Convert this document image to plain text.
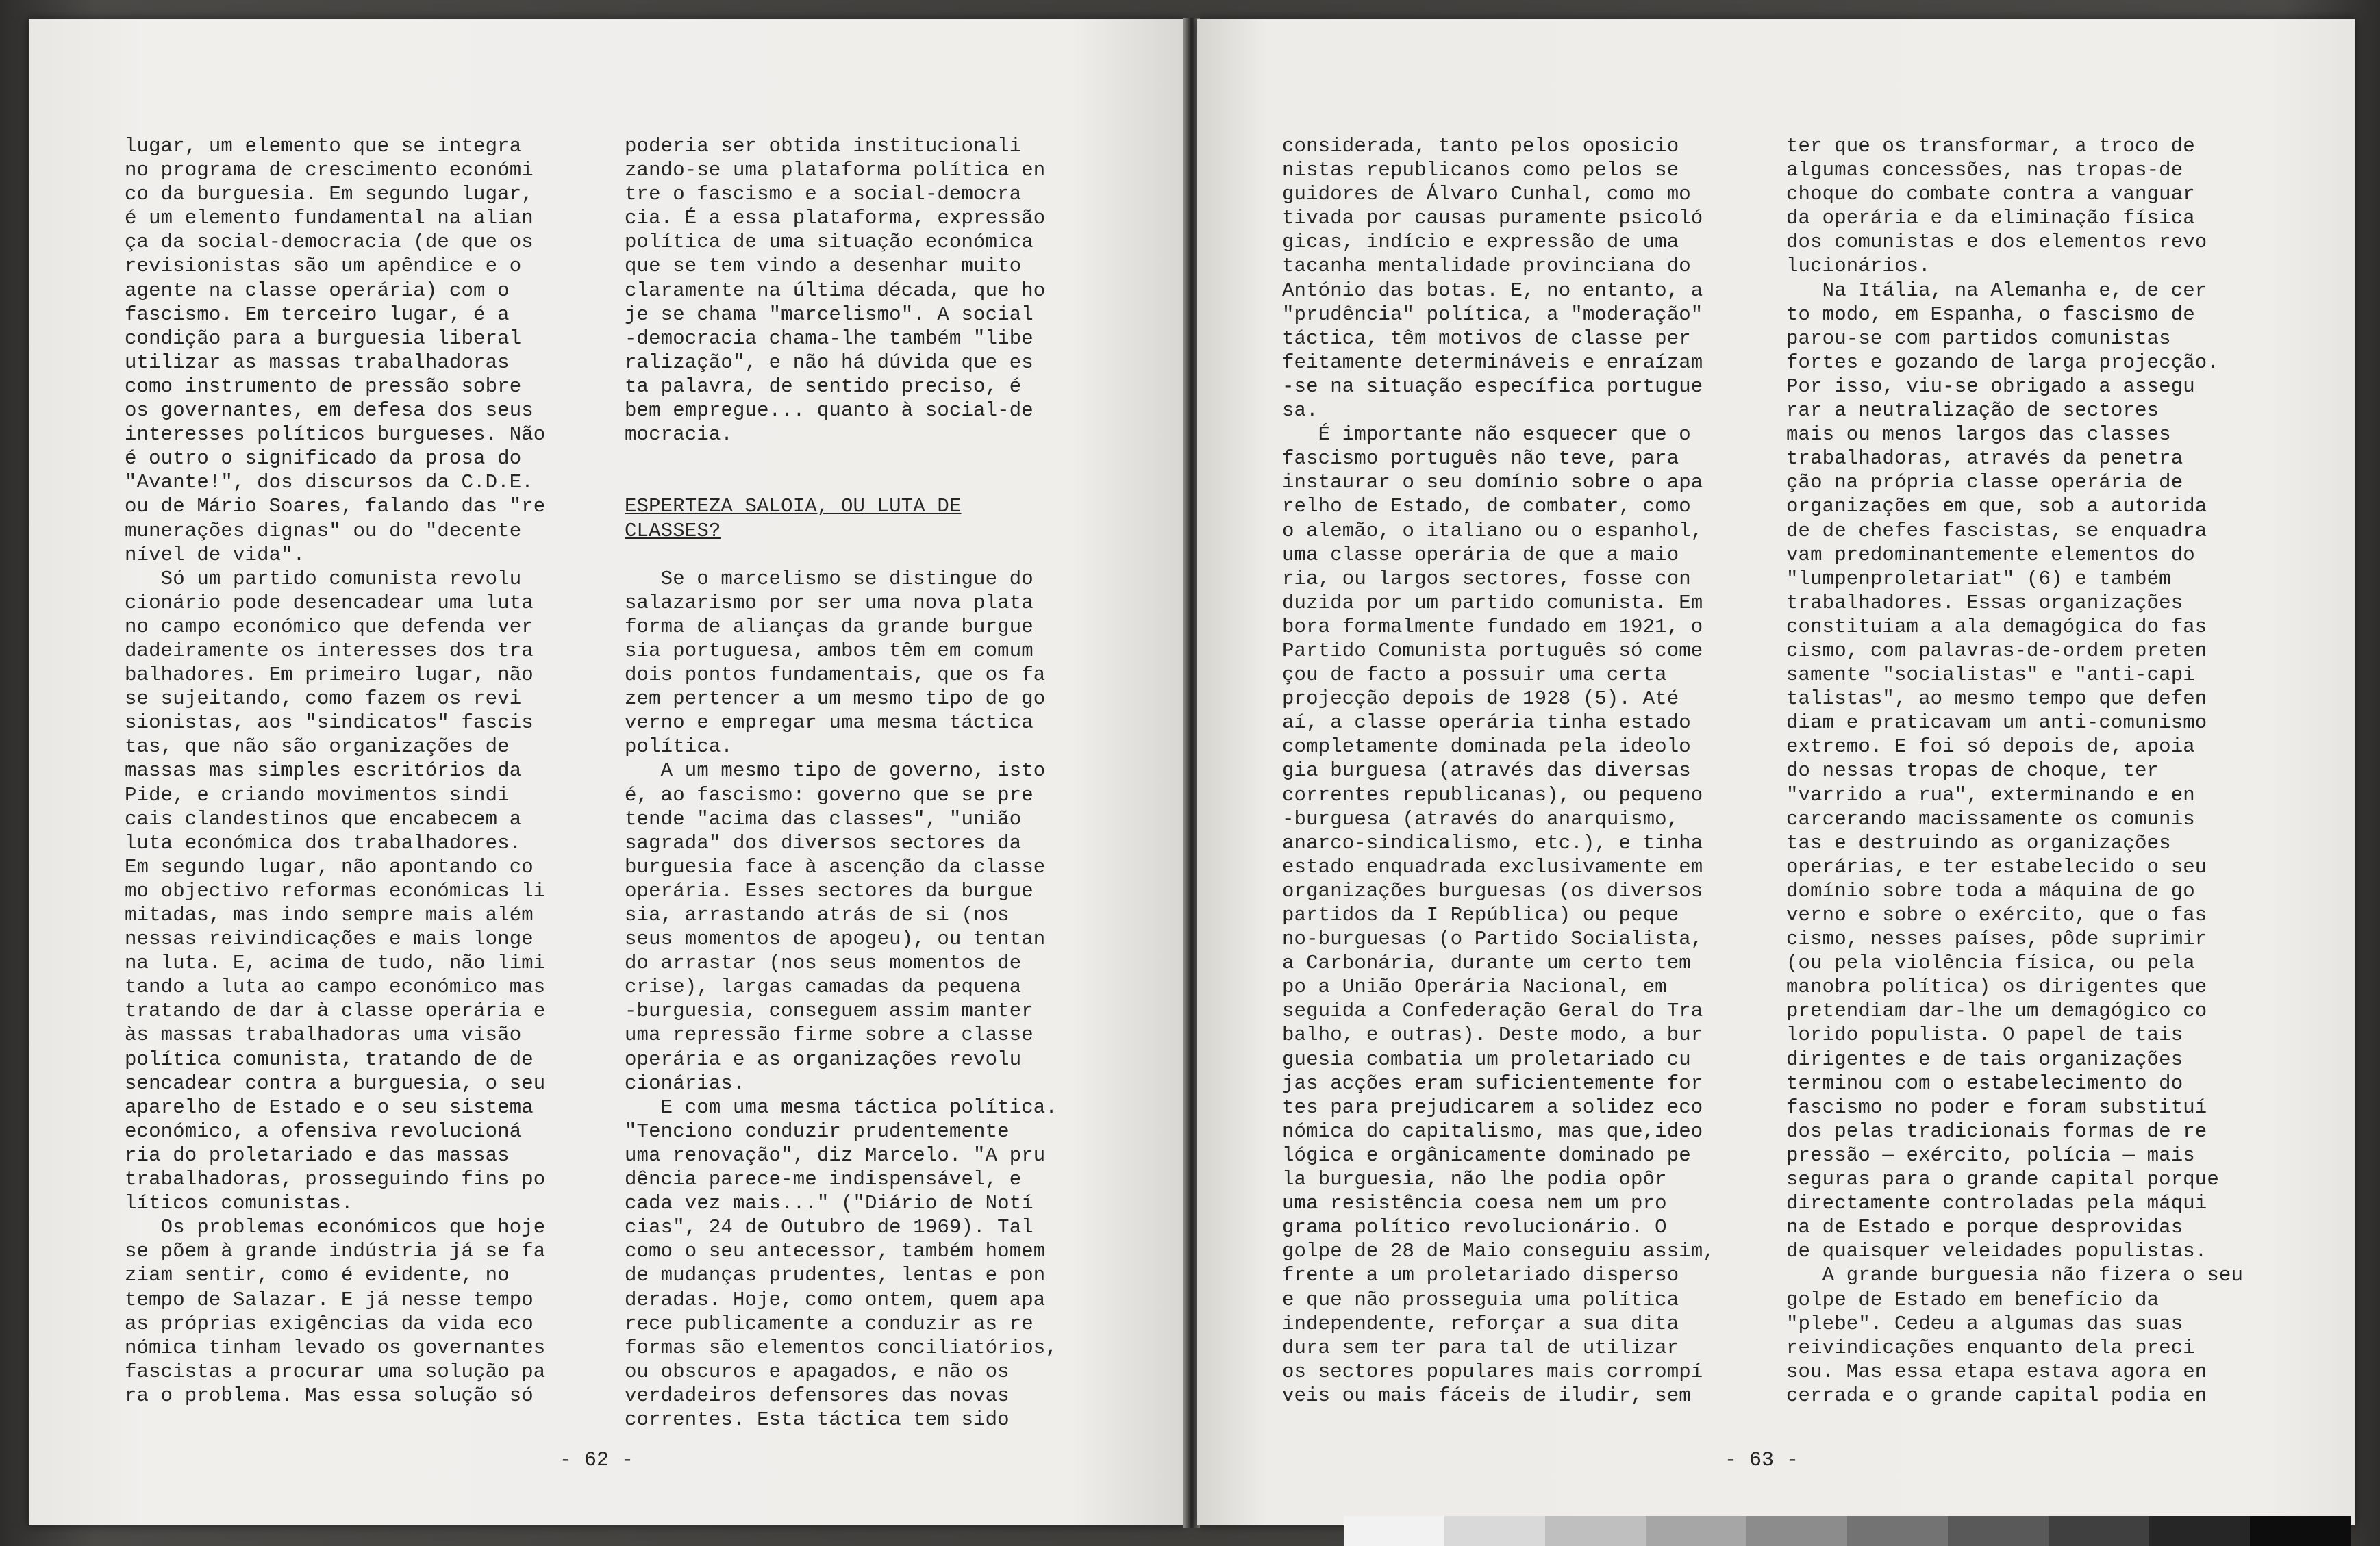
lugar, um elemento que se integra
no programa de crescimento económi
co da burguesia. Em segundo lugar,
é um elemento fundamental na alian
ça da social-democracia (de que os
revisionistas são um apêndice e o
agente na classe operária) com o
fascismo. Em terceiro lugar, é a
condição para a burguesia liberal
utilizar as massas trabalhadoras
como instrumento de pressão sobre
os governantes, em defesa dos seus
interesses políticos burgueses. Não
é outro o significado da prosa do
"Avante!", dos discursos da C.D.E.
ou de Mário Soares, falando das "re
munerações dignas" ou do "decente
nível de vida".
Só um partido comunista revolu
cionário pode desencadear uma luta
no campo económico que defenda ver
dadeiramente os interesses dos tra
balhadores. Em primeiro lugar, não
se sujeitando, como fazem os revi
sionistas, aos "sindicatos" fascis
tas, que não são organizações de
massas mas simples escritórios da
Pide, e criando movimentos sindi
cais clandestinos que encabecem a
luta económica dos trabalhadores.
Em segundo lugar, não apontando co
mo objectivo reformas económicas li
mitadas, mas indo sempre mais além
nessas reivindicações e mais longe
na luta. E, acima de tudo, não limi
tando a luta ao campo económico mas
tratando de dar à classe operária e
às massas trabalhadoras uma visão
política comunista, tratando de de
sencadear contra a burguesia, o seu
aparelho de Estado e o seu sistema
económico, a ofensiva revolucioná
ria do proletariado e das massas
trabalhadoras, prosseguindo fins po
líticos comunistas.
Os problemas económicos que hoje
se põem à grande indústria já se fa
ziam sentir, como é evidente, no
tempo de Salazar. E já nesse tempo
as próprias exigências da vida eco
nómica tinham levado os governantes
fascistas a procurar uma solução pa
ra o problema. Mas essa solução só
poderia ser obtida institucionali
zando-se uma plataforma política en
tre o fascismo e a social-democra
cia. É a essa plataforma, expressão
política de uma situação económica
que se tem vindo a desenhar muito
claramente na última década, que ho
je se chama "marcelismo". A social
-democracia chama-lhe também "libe
ralização", e não há dúvida que es
ta palavra, de sentido preciso, é
bem empregue... quanto à social-de
mocracia.

ESPERTEZA SALOIA, OU LUTA DE
CLASSES?

Se o marcelismo se distingue do
salazarismo por ser uma nova plata
forma de alianças da grande burgue
sia portuguesa, ambos têm em comum
dois pontos fundamentais, que os fa
zem pertencer a um mesmo tipo de go
verno e empregar uma mesma táctica
política.
A um mesmo tipo de governo, isto
é, ao fascismo: governo que se pre
tende "acima das classes", "união
sagrada" dos diversos sectores da
burguesia face à ascenção da classe
operária. Esses sectores da burgue
sia, arrastando atrás de si (nos
seus momentos de apogeu), ou tentan
do arrastar (nos seus momentos de
crise), largas camadas da pequena
-burguesia, conseguem assim manter
uma repressão firme sobre a classe
operária e as organizações revolu
cionárias.
E com uma mesma táctica política.
"Tenciono conduzir prudentemente
uma renovação", diz Marcelo. "A pru
dência parece-me indispensável, e
cada vez mais..." ("Diário de Notí
cias", 24 de Outubro de 1969). Tal
como o seu antecessor, também homem
de mudanças prudentes, lentas e pon
deradas. Hoje, como ontem, quem apa
rece publicamente a conduzir as re
formas são elementos conciliatórios,
ou obscuros e apagados, e não os
verdadeiros defensores das novas
correntes. Esta táctica tem sido
- 62 -
considerada, tanto pelos oposicio
nistas republicanos como pelos se
guidores de Álvaro Cunhal, como mo
tivada por causas puramente psicoló
gicas, indício e expressão de uma
tacanha mentalidade provinciana do
António das botas. E, no entanto, a
"prudência" política, a "moderação"
táctica, têm motivos de classe per
feitamente determináveis e enraízam
-se na situação específica portugue
sa.
É importante não esquecer que o
fascismo português não teve, para
instaurar o seu domínio sobre o apa
relho de Estado, de combater, como
o alemão, o italiano ou o espanhol,
uma classe operária de que a maio
ria, ou largos sectores, fosse con
duzida por um partido comunista. Em
bora formalmente fundado em 1921, o
Partido Comunista português só come
çou de facto a possuir uma certa
projecção depois de 1928 (5). Até
aí, a classe operária tinha estado
completamente dominada pela ideolo
gia burguesa (através das diversas
correntes republicanas), ou pequeno
-burguesa (através do anarquismo,
anarco-sindicalismo, etc.), e tinha
estado enquadrada exclusivamente em
organizações burguesas (os diversos
partidos da I República) ou peque
no-burguesas (o Partido Socialista,
a Carbonária, durante um certo tem
po a União Operária Nacional, em
seguida a Confederação Geral do Tra
balho, e outras). Deste modo, a bur
guesia combatia um proletariado cu
jas acções eram suficientemente for
tes para prejudicarem a solidez eco
nómica do capitalismo, mas que,ideo
lógica e orgânicamente dominado pe
la burguesia, não lhe podia opôr
uma resistência coesa nem um pro
grama político revolucionário. O
golpe de 28 de Maio conseguiu assim,
frente a um proletariado disperso
e que não prosseguia uma política
independente, reforçar a sua dita
dura sem ter para tal de utilizar
os sectores populares mais corrompí
veis ou mais fáceis de iludir, sem
ter que os transformar, a troco de
algumas concessões, nas tropas-de
choque do combate contra a vanguar
da operária e da eliminação física
dos comunistas e dos elementos revo
lucionários.
Na Itália, na Alemanha e, de cer
to modo, em Espanha, o fascismo de
parou-se com partidos comunistas
fortes e gozando de larga projecção.
Por isso, viu-se obrigado a assegu
rar a neutralização de sectores
mais ou menos largos das classes
trabalhadoras, através da penetra
ção na própria classe operária de
organizações em que, sob a autorida
de de chefes fascistas, se enquadra
vam predominantemente elementos do
"lumpenproletariat" (6) e também
trabalhadores. Essas organizações
constituiam a ala demagógica do fas
cismo, com palavras-de-ordem preten
samente "socialistas" e "anti-capi
talistas", ao mesmo tempo que defen
diam e praticavam um anti-comunismo
extremo. E foi só depois de, apoia
do nessas tropas de choque, ter
"varrido a rua", exterminando e en
carcerando macissamente os comunis
tas e destruindo as organizações
operárias, e ter estabelecido o seu
domínio sobre toda a máquina de go
verno e sobre o exército, que o fas
cismo, nesses países, pôde suprimir
(ou pela violência física, ou pela
manobra política) os dirigentes que
pretendiam dar-lhe um demagógico co
lorido populista. O papel de tais
dirigentes e de tais organizações
terminou com o estabelecimento do
fascismo no poder e foram substituí
dos pelas tradicionais formas de re
pressão — exército, polícia — mais
seguras para o grande capital porque
directamente controladas pela máqui
na de Estado e porque desprovidas
de quaisquer veleidades populistas.
A grande burguesia não fizera o seu
golpe de Estado em benefício da
"plebe". Cedeu a algumas das suas
reivindicações enquanto dela preci
sou. Mas essa etapa estava agora en
cerrada e o grande capital podia en
- 63 -
